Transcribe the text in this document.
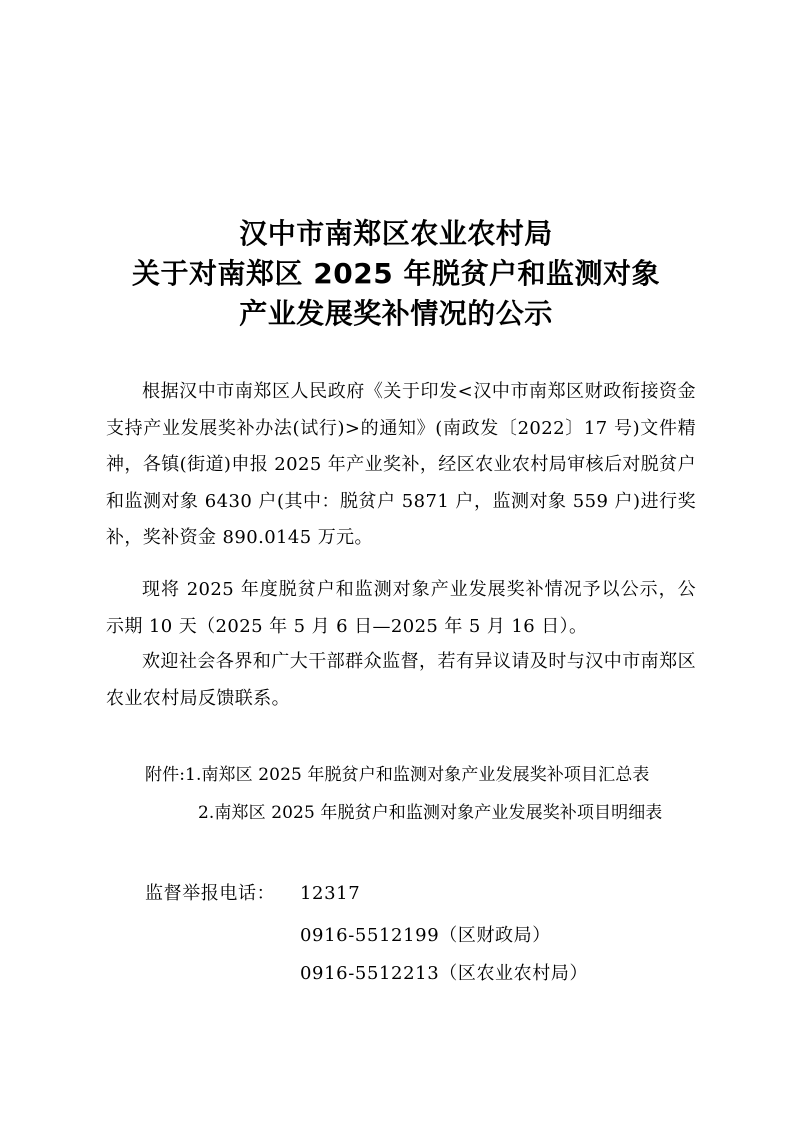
汉中市南郑区农业农村局
关于对南郑区 2025 年脱贫户和监测对象
产业发展奖补情况的公示

根据汉中市南郑区人民政府《关于印发<汉中市南郑区财政衔接资金支持产业发展奖补办法(试行)>的通知》(南政发〔2022〕17 号)文件精神，各镇(街道)申报 2025 年产业奖补，经区农业农村局审核后对脱贫户和监测对象 6430 户(其中：脱贫户 5871 户，监测对象 559 户)进行奖补，奖补资金 890.0145 万元。

现将 2025 年度脱贫户和监测对象产业发展奖补情况予以公示，公示期 10 天（2025 年 5 月 6 日—2025 年 5 月 16 日）。

欢迎社会各界和广大干部群众监督，若有异议请及时与汉中市南郑区农业农村局反馈联系。

附件:1.南郑区 2025 年脱贫户和监测对象产业发展奖补项目汇总表
2.南郑区 2025 年脱贫户和监测对象产业发展奖补项目明细表
监督举报电话： 12317
0916-5512199（区财政局）
0916-5512213（区农业农村局）
